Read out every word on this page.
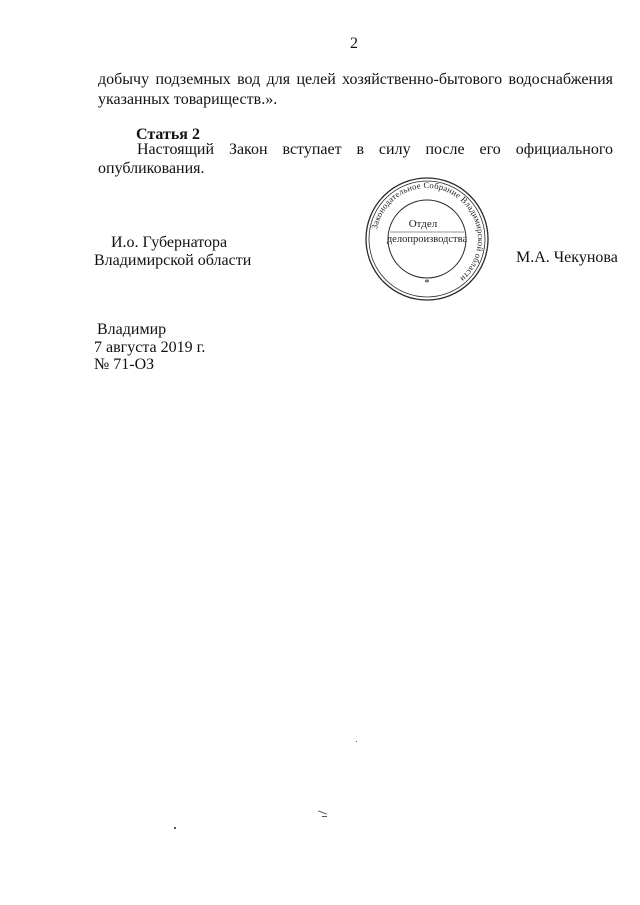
2
добычу подземных вод для целей хозяйственно-бытового водоснабжения
указанных товариществ.».
Статья 2
Настоящий Закон вступает в силу после его официального
опубликования.
И.о. Губернатора
Владимирской области	М.А. Чекунова
Законодательное Собрание Владимирской области
*
Отдел
делопроизводства
Владимир
7 августа 2019 г.
№ 71-ОЗ
